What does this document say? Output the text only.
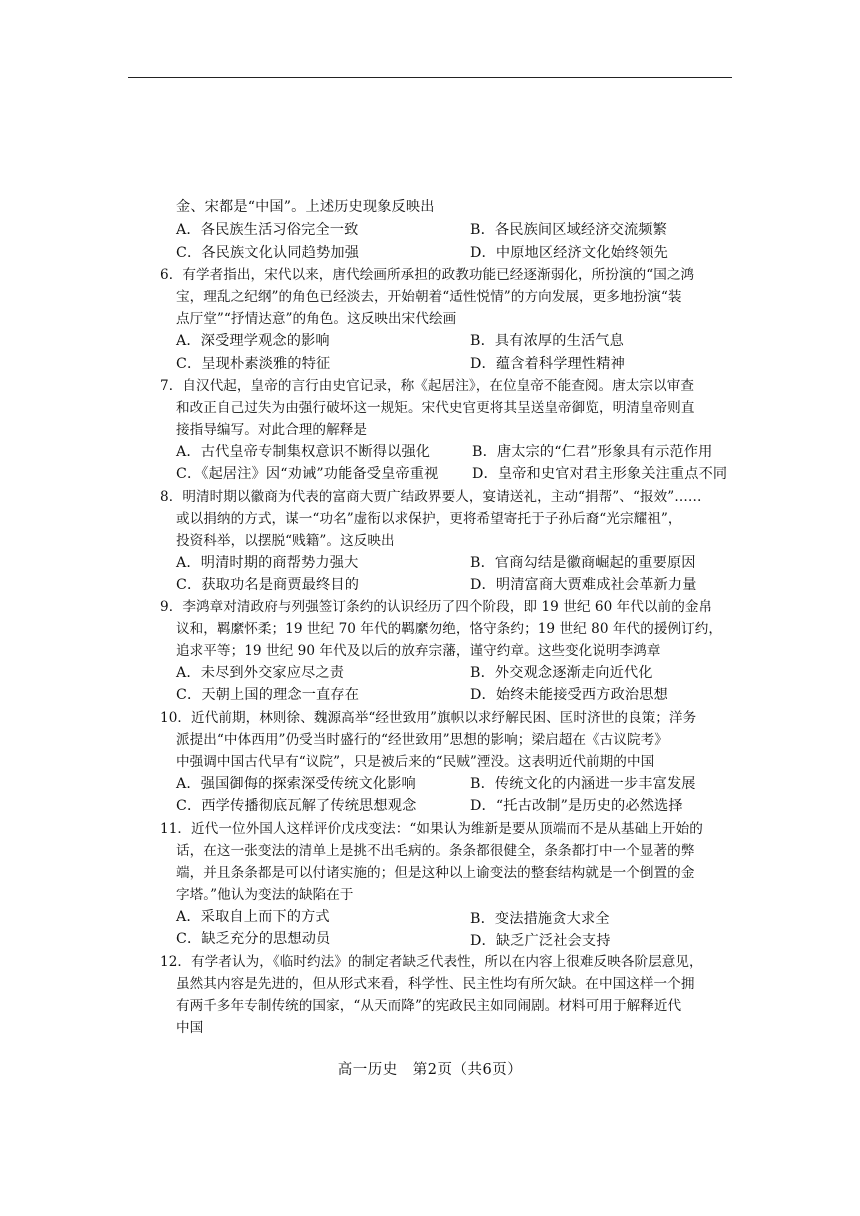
金、宋都是“中国”。上述历史现象反映出
A．各民族生活习俗完全一致	B．各民族间区域经济交流频繁
C．各民族文化认同趋势加强	D．中原地区经济文化始终领先
6．有学者指出，宋代以来，唐代绘画所承担的政教功能已经逐渐弱化，所扮演的“国之鸿
宝，理乱之纪纲”的角色已经淡去，开始朝着“适性悦情”的方向发展，更多地扮演“装
点厅堂”“抒情达意”的角色。这反映出宋代绘画
A．深受理学观念的影响	B．具有浓厚的生活气息
C．呈现朴素淡雅的特征	D．蕴含着科学理性精神
7．自汉代起，皇帝的言行由史官记录，称《起居注》，在位皇帝不能查阅。唐太宗以审查
和改正自己过失为由强行破坏这一规矩。宋代史官更将其呈送皇帝御览，明清皇帝则直
接指导编写。对此合理的解释是
A．古代皇帝专制集权意识不断得以强化	B．唐太宗的“仁君”形象具有示范作用
C．《起居注》因“劝诫”功能备受皇帝重视 D．皇帝和史官对君主形象关注重点不同
8．明清时期以徽商为代表的富商大贾广结政界要人，宴请送礼，主动“捐帮”、“报效”……
或以捐纳的方式，谋一“功名”虚衔以求保护，更将希望寄托于子孙后裔“光宗耀祖”，
投资科举，以摆脱“贱籍”。这反映出
A．明清时期的商帮势力强大	B．官商勾结是徽商崛起的重要原因
C．获取功名是商贾最终目的	D．明清富商大贾难成社会革新力量
9．李鸿章对清政府与列强签订条约的认识经历了四个阶段，即 19 世纪 60 年代以前的金帛
议和，羁縻怀柔；19 世纪 70 年代的羁縻勿绝，恪守条约；19 世纪 80 年代的援例订约，
追求平等；19 世纪 90 年代及以后的放弃宗藩，谨守约章。这些变化说明李鸿章
A．未尽到外交家应尽之责	B．外交观念逐渐走向近代化
C．天朝上国的理念一直存在	D．始终未能接受西方政治思想
10．近代前期，林则徐、魏源高举“经世致用”旗帜以求纾解民困、匡时济世的良策；洋务
派提出“中体西用”仍受当时盛行的“经世致用”思想的影响；梁启超在《古议院考》
中强调中国古代早有“议院”，只是被后来的“民贼”湮没。这表明近代前期的中国
A．强国御侮的探索深受传统文化影响	B．传统文化的内涵进一步丰富发展
C．西学传播彻底瓦解了传统思想观念	D．“托古改制”是历史的必然选择
11．近代一位外国人这样评价戊戌变法：“如果认为维新是要从顶端而不是从基础上开始的
话，在这一张变法的清单上是挑不出毛病的。条条都很健全，条条都打中一个显著的弊
端，并且条条都是可以付诸实施的；但是这种以上谕变法的整套结构就是一个倒置的金
字塔。”他认为变法的缺陷在于
A．采取自上而下的方式	B．变法措施贪大求全
C．缺乏充分的思想动员	D．缺乏广泛社会支持
12．有学者认为，《临时约法》的制定者缺乏代表性，所以在内容上很难反映各阶层意见，
虽然其内容是先进的，但从形式来看，科学性、民主性均有所欠缺。在中国这样一个拥
有两千多年专制传统的国家，“从天而降”的宪政民主如同闹剧。材料可用于解释近代
中国
高一历史　第2页（共6页）
